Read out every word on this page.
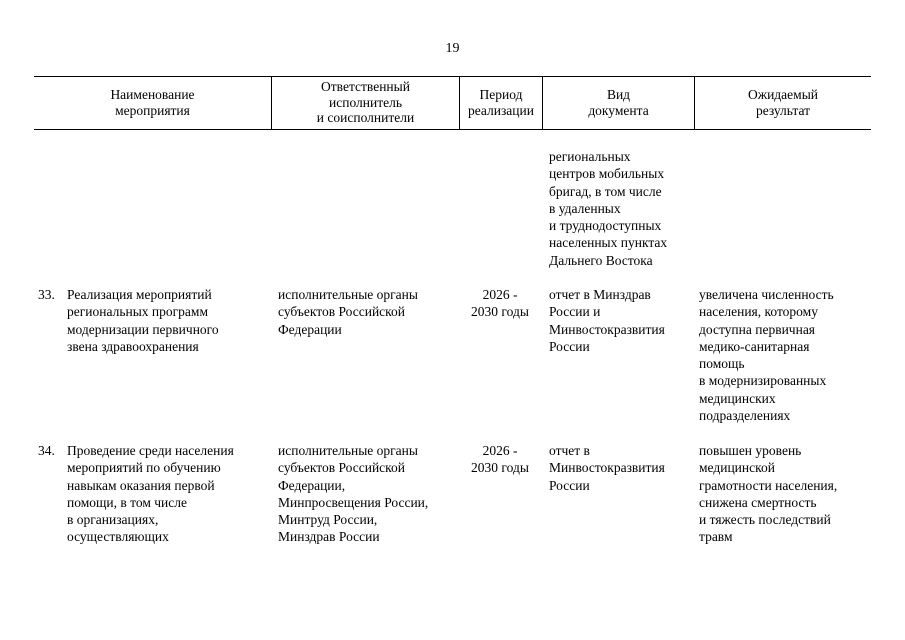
19
Наименование
мероприятия
Ответственный
исполнитель
и соисполнители
Период
реализации
Вид
документа
Ожидаемый
результат
региональных
центров мобильных
бригад, в том числе
в удаленных
и труднодоступных
населенных пунктах
Дальнего Востока
33. Реализация мероприятий
региональных программ
модернизации первичного
звена здравоохранения
исполнительные органы
субъектов Российской
Федерации
2026 -
2030 годы
отчет в Минздрав
России и
Минвостокразвития
России
увеличена численность
населения, которому
доступна первичная
медико-санитарная
помощь
в модернизированных
медицинских
подразделениях
34. Проведение среди населения
мероприятий по обучению
навыкам оказания первой
помощи, в том числе
в организациях,
осуществляющих
исполнительные органы
субъектов Российской
Федерации,
Минпросвещения России,
Минтруд России,
Минздрав России
2026 -
2030 годы
отчет в
Минвостокразвития
России
повышен уровень
медицинской
грамотности населения,
снижена смертность
и тяжесть последствий
травм
